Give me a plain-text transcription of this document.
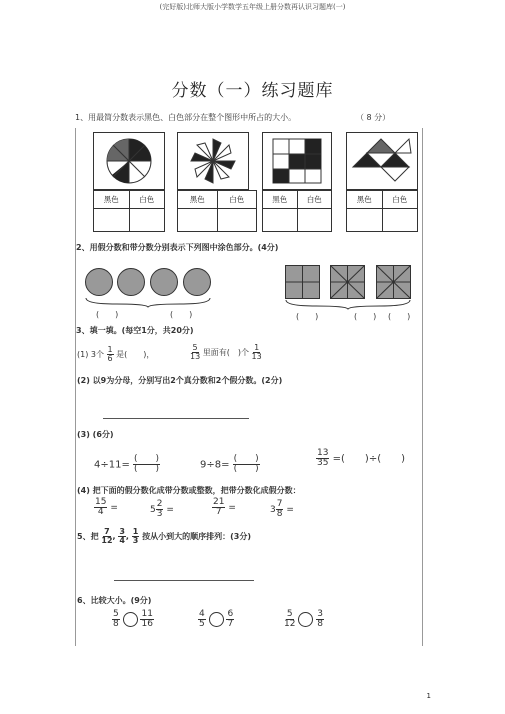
(完好版)北师大版小学数学五年级上册分数再认识习题库(一)
分数（一）练习题库
1、用最简分数表示黑色、白色部分在整个图形中所占的大小。	（ 8 分）
黑色	白色	黑色	白色	黑色	白色	黑色	白色
2、用假分数和带分数分别表示下列图中涂色部分。(4分)
(　　)	(　　)	(　　)	(　　) (　　)
3、填一填。(每空1分，共20分)
(1) 3个 $\frac{1}{6}$ 是(　　 )，	$\frac{5}{13}$ 里面有(　 )个 $\frac{1}{13}$
(2) 以9为分母，分别写出2个真分数和2个假分数。(2分)
(3) (6分)
$4\div 11= \frac{( )}{( )}$	$9\div 8= \frac{( )}{( )}$	$\frac{13}{35}$ =(　　)÷(　　)
(4) 把下面的假分数化成带分数或整数，把带分数化成假分数：
$\frac{15}{4}$ =	$5 \frac{2}{3}$ =	$\frac{21}{7}$ =	$3 \frac{7}{8}$ =
5、把 $\frac{7}{12}$ , $\frac{3}{4}$ , $\frac{1}{3}$ 按从小到大的顺序排列：(3分)
6、比较大小。(9分)
$\frac{5}{8}$
$\frac{11}{16}$	$\frac{4}{5}$
$\frac{6}{7}$	$\frac{5}{12}$
$\frac{3}{8}$
1
